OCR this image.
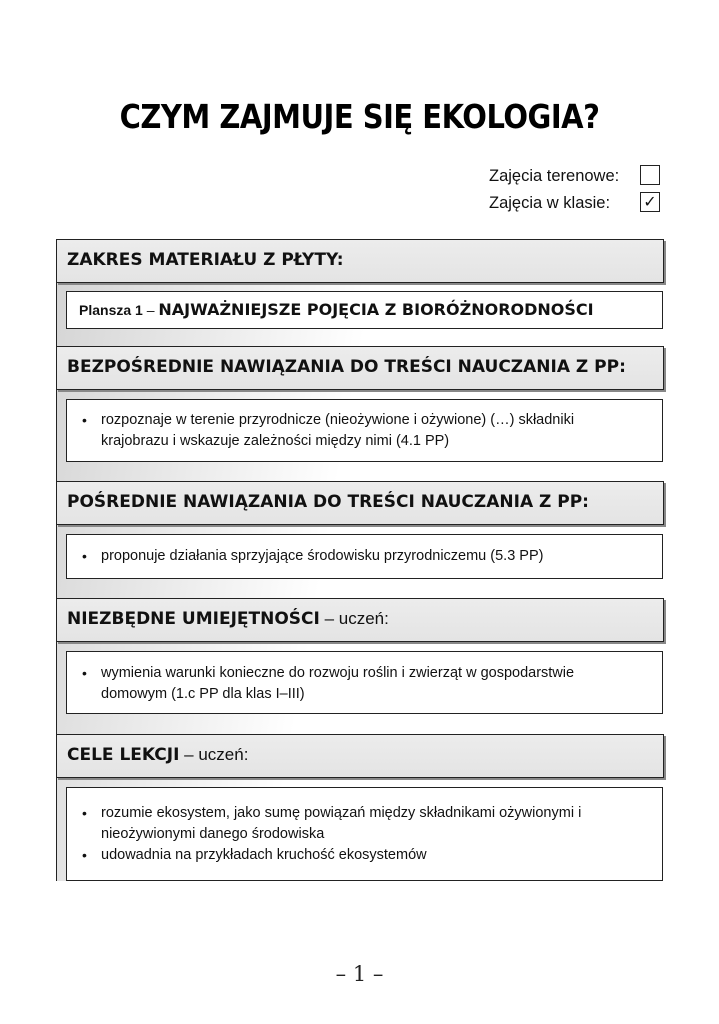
CZYM ZAJMUJE SIĘ EKOLOGIA?
Zajęcia terenowe:
Zajęcia w klasie: ✓
ZAKRES MATERIAŁU Z PŁYTY:
Plansza 1 – NAJWAŻNIEJSZE POJĘCIA Z BIORÓŻNORODNOŚCI
BEZPOŚREDNIE NAWIĄZANIA DO TREŚCI NAUCZANIA Z PP:
• rozpoznaje w terenie przyrodnicze (nieożywione i ożywione) (…) składniki krajobrazu i wskazuje zależności między nimi (4.1 PP)
POŚREDNIE NAWIĄZANIA DO TREŚCI NAUCZANIA Z PP:
• proponuje działania sprzyjające środowisku przyrodniczemu (5.3 PP)
NIEZBĘDNE UMIEJĘTNOŚCI – uczeń:
• wymienia warunki konieczne do rozwoju roślin i zwierząt w gospodarstwie domowym (1.c PP dla klas I–III)
CELE LEKCJI – uczeń:
• rozumie ekosystem, jako sumę powiązań między składnikami ożywionymi i nieożywionymi danego środowiska
• udowadnia na przykładach kruchość ekosystemów
– 1 –
